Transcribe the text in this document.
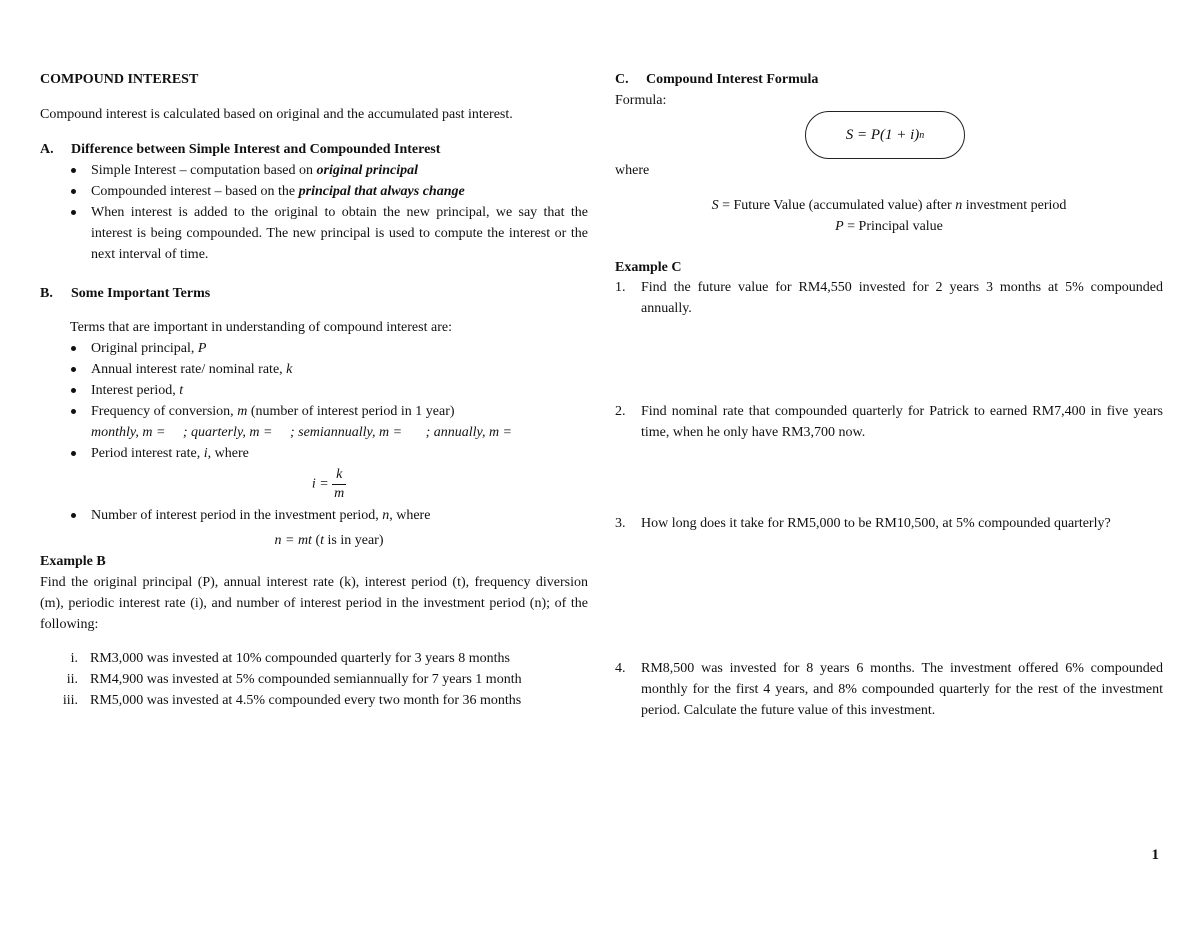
COMPOUND INTEREST

Compound interest is calculated based on original and the accumulated past interest.

A.	Difference between Simple Interest and Compounded Interest
Simple Interest – computation based on original principal
Compounded interest – based on the principal that always change
When interest is added to the original to obtain the new principal, we say that the interest is being compounded. The new principal is used to compute the interest or the next interval of time.
B.	Some Important Terms

Terms that are important in understanding of compound interest are:

Original principal, P
Annual interest rate/ nominal rate, k
Interest period, t
Frequency of conversion, m (number of interest period in 1 year)
monthly, m = ; quarterly, m = ; semiannually, m = ; annually, m =
Period interest rate, i, where
$i = \frac{k}{m}$
Number of interest period in the investment period, n, where
n = mt (t is in year)

Example B

Find the original principal (P), annual interest rate (k), interest period (t), frequency diversion (m), periodic interest rate (i), and number of interest period in the investment period (n); of the following:

i. RM3,000 was invested at 10% compounded quarterly for 3 years 8 months
ii. RM4,900 was invested at 5% compounded semiannually for 7 years 1 month
iii. RM5,000 was invested at 4.5% compounded every two month for 36 months
C.	Compound Interest Formula

Formula:

S = P(1 + i) n

where

S = Future Value (accumulated value) after n investment period
P = Principal value

Example C

1.	Find the future value for RM4,550 invested for 2 years 3 months at 5% compounded annually.
2.	Find nominal rate that compounded quarterly for Patrick to earned RM7,400 in five years time, when he only have RM3,700 now.
3.	How long does it take for RM5,000 to be RM10,500, at 5% compounded quarterly?
4.	RM8,500 was invested for 8 years 6 months. The investment offered 6% compounded monthly for the first 4 years, and 8% compounded quarterly for the rest of the investment period. Calculate the future value of this investment.
1
